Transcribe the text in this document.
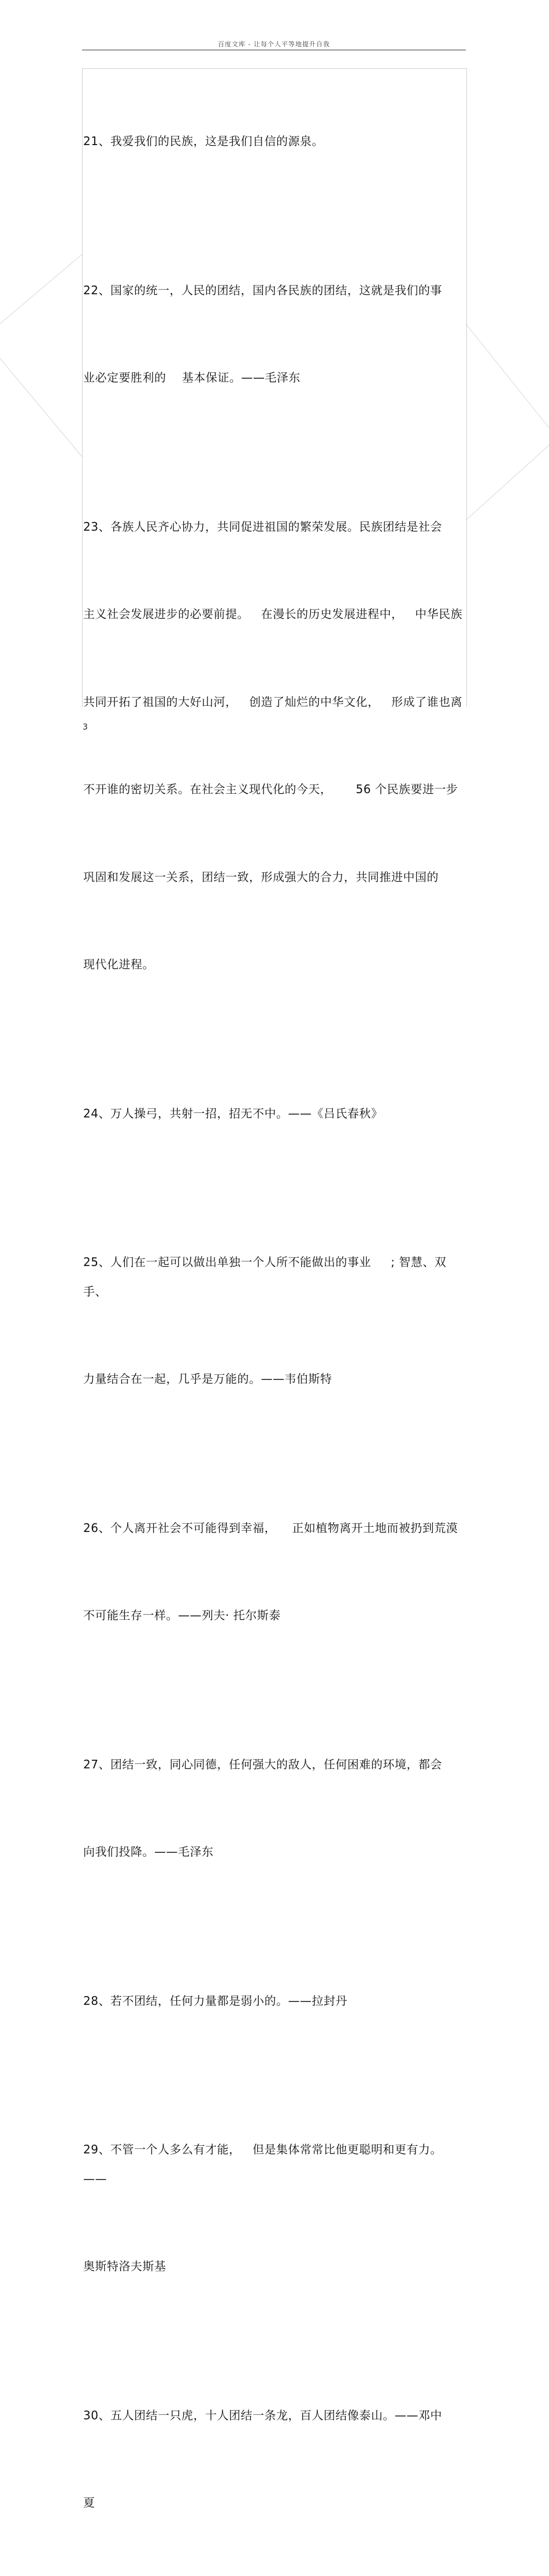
百度文库 - 让每个人平等地提升自我

21、我爱我们的民族，这是我们自信的源泉。

22、国家的统一，人民的团结，国内各民族的团结，这就是我们的事

业必定要胜利的    基本保证。——毛泽东

23、各族人民齐心协力，共同促进祖国的繁荣发展。民族团结是社会

主义社会发展进步的必要前提。   在漫长的历史发展进程中，   中华民族

共同开拓了祖国的大好山河，   创造了灿烂的中华文化，   形成了谁也离

不开谁的密切关系。在社会主义现代化的今天，      56 个民族要进一步

巩固和发展这一关系，团结一致，形成强大的合力，共同推进中国的

现代化进程。

24、万人操弓，共射一招，招无不中。——《吕氏春秋》

25、人们在一起可以做出单独一个人所不能做出的事业     ; 智慧、双手、

力量结合在一起，几乎是万能的。——韦伯斯特

26、个人离开社会不可能得到幸福，    正如植物离开土地而被扔到荒漠

不可能生存一样。——列夫· 托尔斯泰

27、团结一致，同心同德，任何强大的敌人，任何困难的环境，都会

向我们投降。——毛泽东

28、若不团结，任何力量都是弱小的。——拉封丹

29、不管一个人多么有才能，   但是集体常常比他更聪明和更有力。   ——

奥斯特洛夫斯基

30、五人团结一只虎，十人团结一条龙，百人团结像泰山。——邓中

夏

3
